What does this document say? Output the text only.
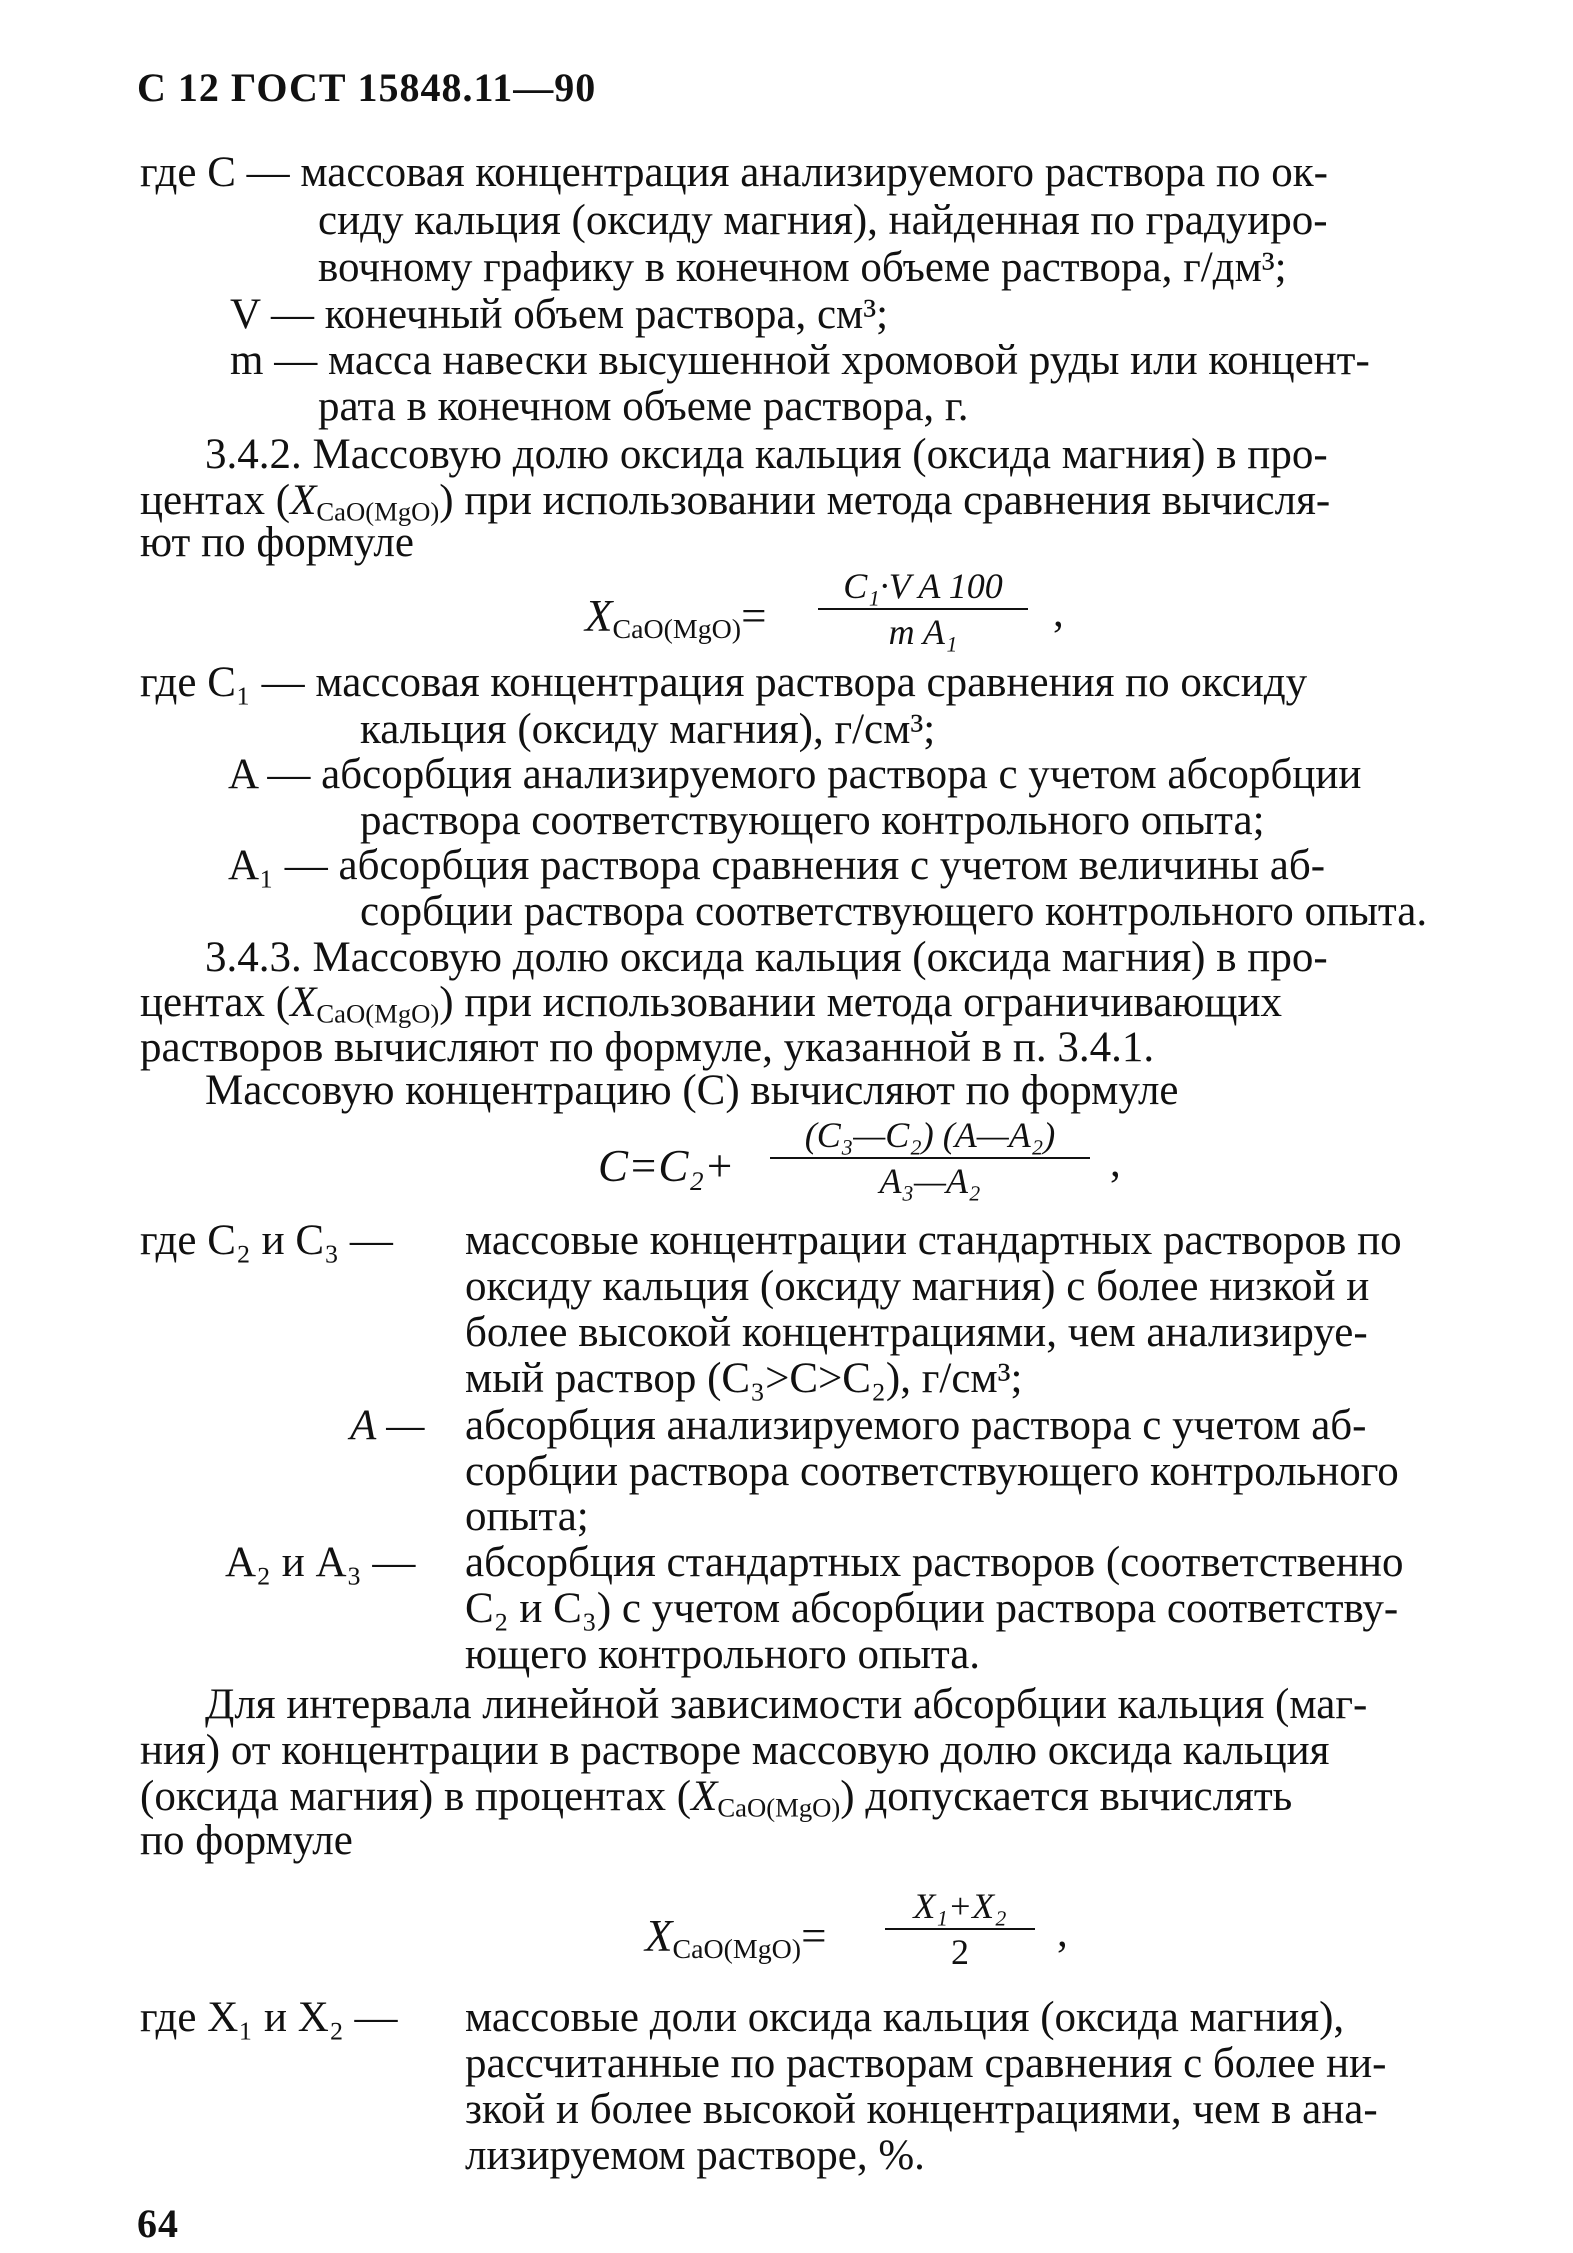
С 12 ГОСТ 15848.11—90
где C — массовая концентрация анализируемого раствора по ок-
сиду кальция (оксиду магния), найденная по градуиро-
вочному графику в конечном объеме раствора, г/дм³;
V — конечный объем раствора, см³;
m — масса навески высушенной хромовой руды или концент-
рата в конечном объеме раствора, г.
3.4.2. Массовую долю оксида кальция (оксида магния) в про-
центах $(X_{CaO(MgO)})$ при использовании метода сравнения вычисля-
ют по формуле
$X_{CaO(MgO)}= \frac{\text{C₁·V A 100}}{\text{m A₁}}$ ,
где C₁ — массовая концентрация раствора сравнения по оксиду
кальция (оксиду магния), г/см³;
A — абсорбция анализируемого раствора с учетом абсорбции
раствора соответствующего контрольного опыта;
A₁ — абсорбция раствора сравнения с учетом величины аб-
сорбции раствора соответствующего контрольного опыта.
3.4.3. Массовую долю оксида кальция (оксида магния) в про-
центах $(X_{CaO(MgO)})$ при использовании метода ограничивающих
растворов вычисляют по формуле, указанной в п. 3.4.1.
Массовую концентрацию (C) вычисляют по формуле
$C=C_2+ \frac{\text{(C₃—C₂) (A—A₂)}}{\text{A₃—A₂}}$ ,
где C₂ и C₃ — массовые концентрации стандартных растворов по
оксиду кальция (оксиду магния) с более низкой и
более высокой концентрациями, чем анализируе-
мый раствор (C₃>C>C₂), г/см³;
A — абсорбция анализируемого раствора с учетом аб-
сорбции раствора соответствующего контрольного
опыта;
A₂ и A₃ — абсорбция стандартных растворов (соответственно
C₂ и C₃) с учетом абсорбции раствора соответству-
ющего контрольного опыта.
Для интервала линейной зависимости абсорбции кальция (маг-
ния) от концентрации в растворе массовую долю оксида кальция
(оксида магния) в процентах $(X_{CaO(MgO)})$ допускается вычислять
по формуле
$X_{CaO(MgO)}= \frac{\text{X₁+X₂}}{2}$ ,
где X₁ и X₂ — массовые доли оксида кальция (оксида магния),
рассчитанные по растворам сравнения с более ни-
зкой и более высокой концентрациями, чем в ана-
лизируемом растворе, %.
64
